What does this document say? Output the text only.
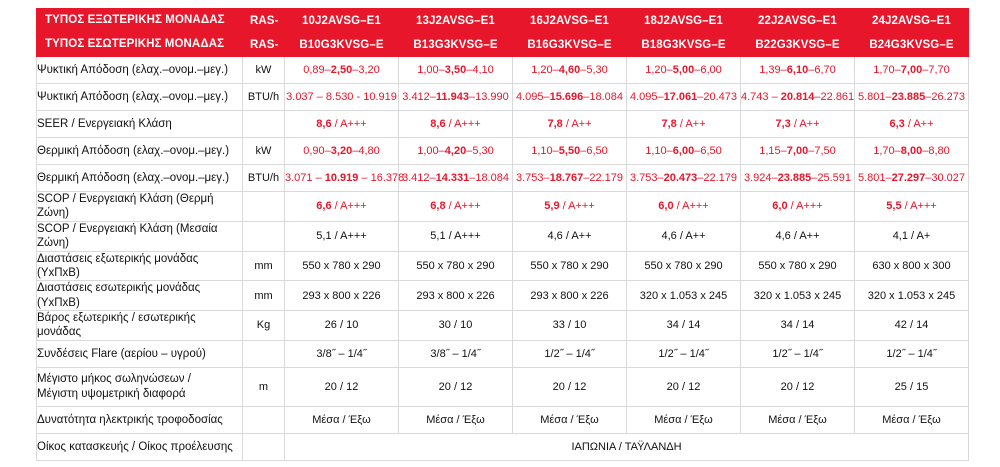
ΤΥΠΟΣ ΕΞΩΤΕΡΙΚΗΣ ΜΟΝΑΔΑΣ	RAS-	10J2AVSG–E1	13J2AVSG–E1	16J2AVSG–E1	18J2AVSG–E1	22J2AVSG–E1	24J2AVSG–E1
ΤΥΠΟΣ ΕΣΩΤΕΡΙΚΗΣ ΜΟΝΑΔΑΣ	RAS-	B10G3KVSG–E	B13G3KVSG–E	B16G3KVSG–E	B18G3KVSG–E	B22G3KVSG–E	B24G3KVSG–E
Ψυκτική Απόδοση (ελαχ.–ονομ.–μεγ.)	kW	0,89–2,50–3,20	1,00–3,50–4,10	1,20–4,60–5,30	1,20–5,00–6,00	1,39–6,10–6,70	1,70–7,00–7,70
Ψυκτική Απόδοση (ελαχ.–ονομ.–μεγ.)	BTU/h	3.037 – 8.530 - 10.919	3.412–11.943–13.990	4.095–15.696–18.084	4.095–17.061–20.473	4.743 – 20.814–22.861	5.801–23.885–26.273
SEER / Ενεργειακή Κλάση		8,6 / A+++	8,6 / A+++	7,8 / A++	7,8 / A++	7,3 / A++	6,3 / A++
Θερμική Απόδοση (ελαχ.–ονομ.–μεγ.)	kW	0,90–3,20–4,80	1,00–4,20–5,30	1,10–5,50–6,50	1,10–6,00–6,50	1,15–7,00–7,50	1,70–8,00–8,80
Θερμική Απόδοση (ελαχ.–ονομ.–μεγ.)	BTU/h	3.071 – 10.919 – 16.378	3.412–14.331–18.084	3.753–18.767–22.179	3.753–20.473–22.179	3.924–23.885–25.591	5.801–27.297–30.027
SCOP / Ενεργειακή Κλάση (Θερμή Ζώνη)		6,6 / A+++	6,8 / A+++	5,9 / A+++	6,0 / A+++	6,0 / A+++	5,5 / A+++
SCOP / Ενεργειακή Κλάση (Μεσαία Ζώνη)		5,1 / A+++	5,1 / A+++	4,6 / A++	4,6 / A++	4,6 / A++	4,1 / A+
Διαστάσεις εξωτερικής μονάδας (ΥxΠxΒ)	mm	550 x 780 x 290	550 x 780 x 290	550 x 780 x 290	550 x 780 x 290	550 x 780 x 290	630 x 800 x 300
Διαστάσεις εσωτερικής μονάδας (ΥxΠxΒ)	mm	293 x 800 x 226	293 x 800 x 226	293 x 800 x 226	320 x 1.053 x 245	320 x 1.053 x 245	320 x 1.053 x 245
Βάρος εξωτερικής / εσωτερικής μονάδας	Kg	26 / 10	30 / 10	33 / 10	34 / 14	34 / 14	42 / 14
Συνδέσεις Flare (αερίου – υγρού)		3/8˝ – 1/4˝	3/8˝ – 1/4˝	1/2˝ – 1/4˝	1/2˝ – 1/4˝	1/2˝ – 1/4˝	1/2˝ – 1/4˝

Μέγιστο μήκος σωληνώσεων /
Μέγιστη υψομετρική διαφορά	m	20 / 12	20 / 12	20 / 12	20 / 12	20 / 12	25 / 15
Δυνατότητα ηλεκτρικής τροφοδοσίας		Μέσα / Έξω	Μέσα / Έξω	Μέσα / Έξω	Μέσα / Έξω	Μέσα / Έξω	Μέσα / Έξω
Οίκος κατασκευής / Οίκος προέλευσης		ΙΑΠΩΝΙΑ / ΤΑΫΛΑΝΔΗ					
